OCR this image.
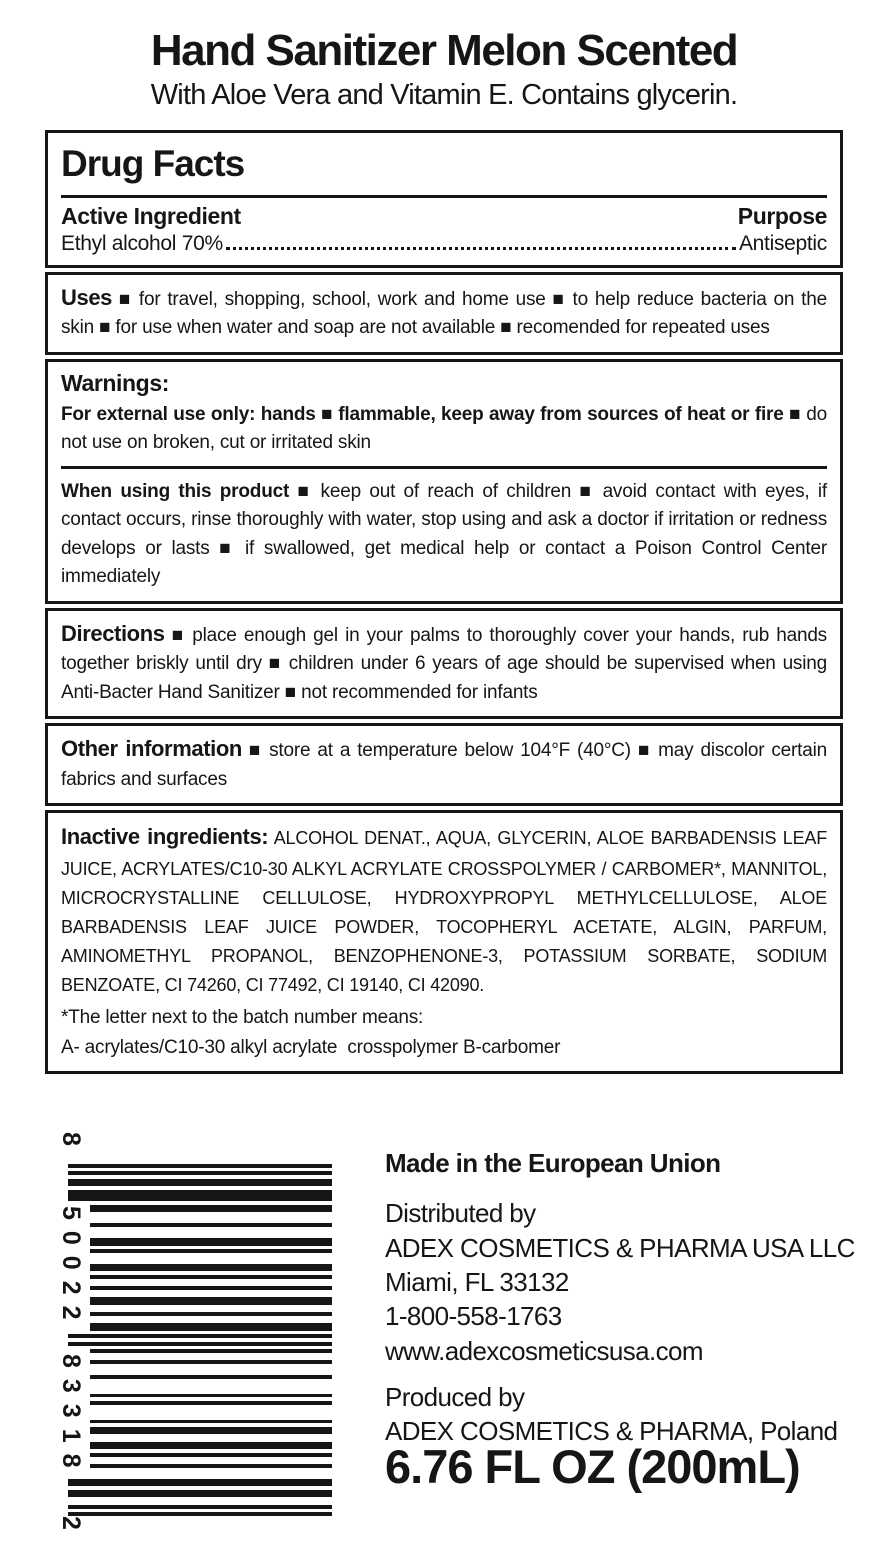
Hand Sanitizer Melon Scented

With Aloe Vera and Vitamin E. Contains glycerin.

Drug Facts
Active Ingredient	Purpose
Ethyl alcohol 70%	Antiseptic

Uses ■ for travel, shopping, school, work and home use ■ to help reduce bacteria on the skin ■ for use when water and soap are not available ■ recomended for repeated uses

Warnings:

For external use only: hands ■ flammable, keep away from sources of heat or fire ■ do not use on broken, cut or irritated skin

When using this product ■ keep out of reach of children ■ avoid contact with eyes, if contact occurs, rinse thoroughly with water, stop using and ask a doctor if irritation or redness develops or lasts ■ if swallowed, get medical help or contact a Poison Control Center immediately

Directions ■ place enough gel in your palms to thoroughly cover your hands, rub hands together briskly until dry ■ children under 6 years of age should be supervised when using Anti-Bacter Hand Sanitizer ■ not recommended for infants

Other information ■ store at a temperature below 104°F (40°C) ■ may discolor certain fabrics and surfaces

Inactive ingredients: ALCOHOL DENAT., AQUA, GLYCERIN, ALOE BARBADENSIS LEAF JUICE, ACRYLATES/C10-30 ALKYL ACRYLATE CROSSPOLYMER / CARBOMER*, MANNITOL, MICROCRYSTALLINE CELLULOSE, HYDROXYPROPYL METHYLCELLULOSE, ALOE BARBADENSIS LEAF JUICE POWDER, TOCOPHERYL ACETATE, ALGIN, PARFUM, AMINOMETHYL PROPANOL, BENZOPHENONE-3, POTASSIUM SORBATE, SODIUM BENZOATE, CI 74260, CI 77492, CI 19140, CI 42090.

*The letter next to the batch number means:

A- acrylates/C10-30 alkyl acrylate  crosspolymer B-carbomer

8
50022
83318
2

Made in the European Union

Distributed by

ADEX COSMETICS & PHARMA USA LLC

Miami, FL 33132

1-800-558-1763

www.adexcosmeticsusa.com

Produced by

ADEX COSMETICS & PHARMA, Poland

6.76 FL OZ (200mL)
